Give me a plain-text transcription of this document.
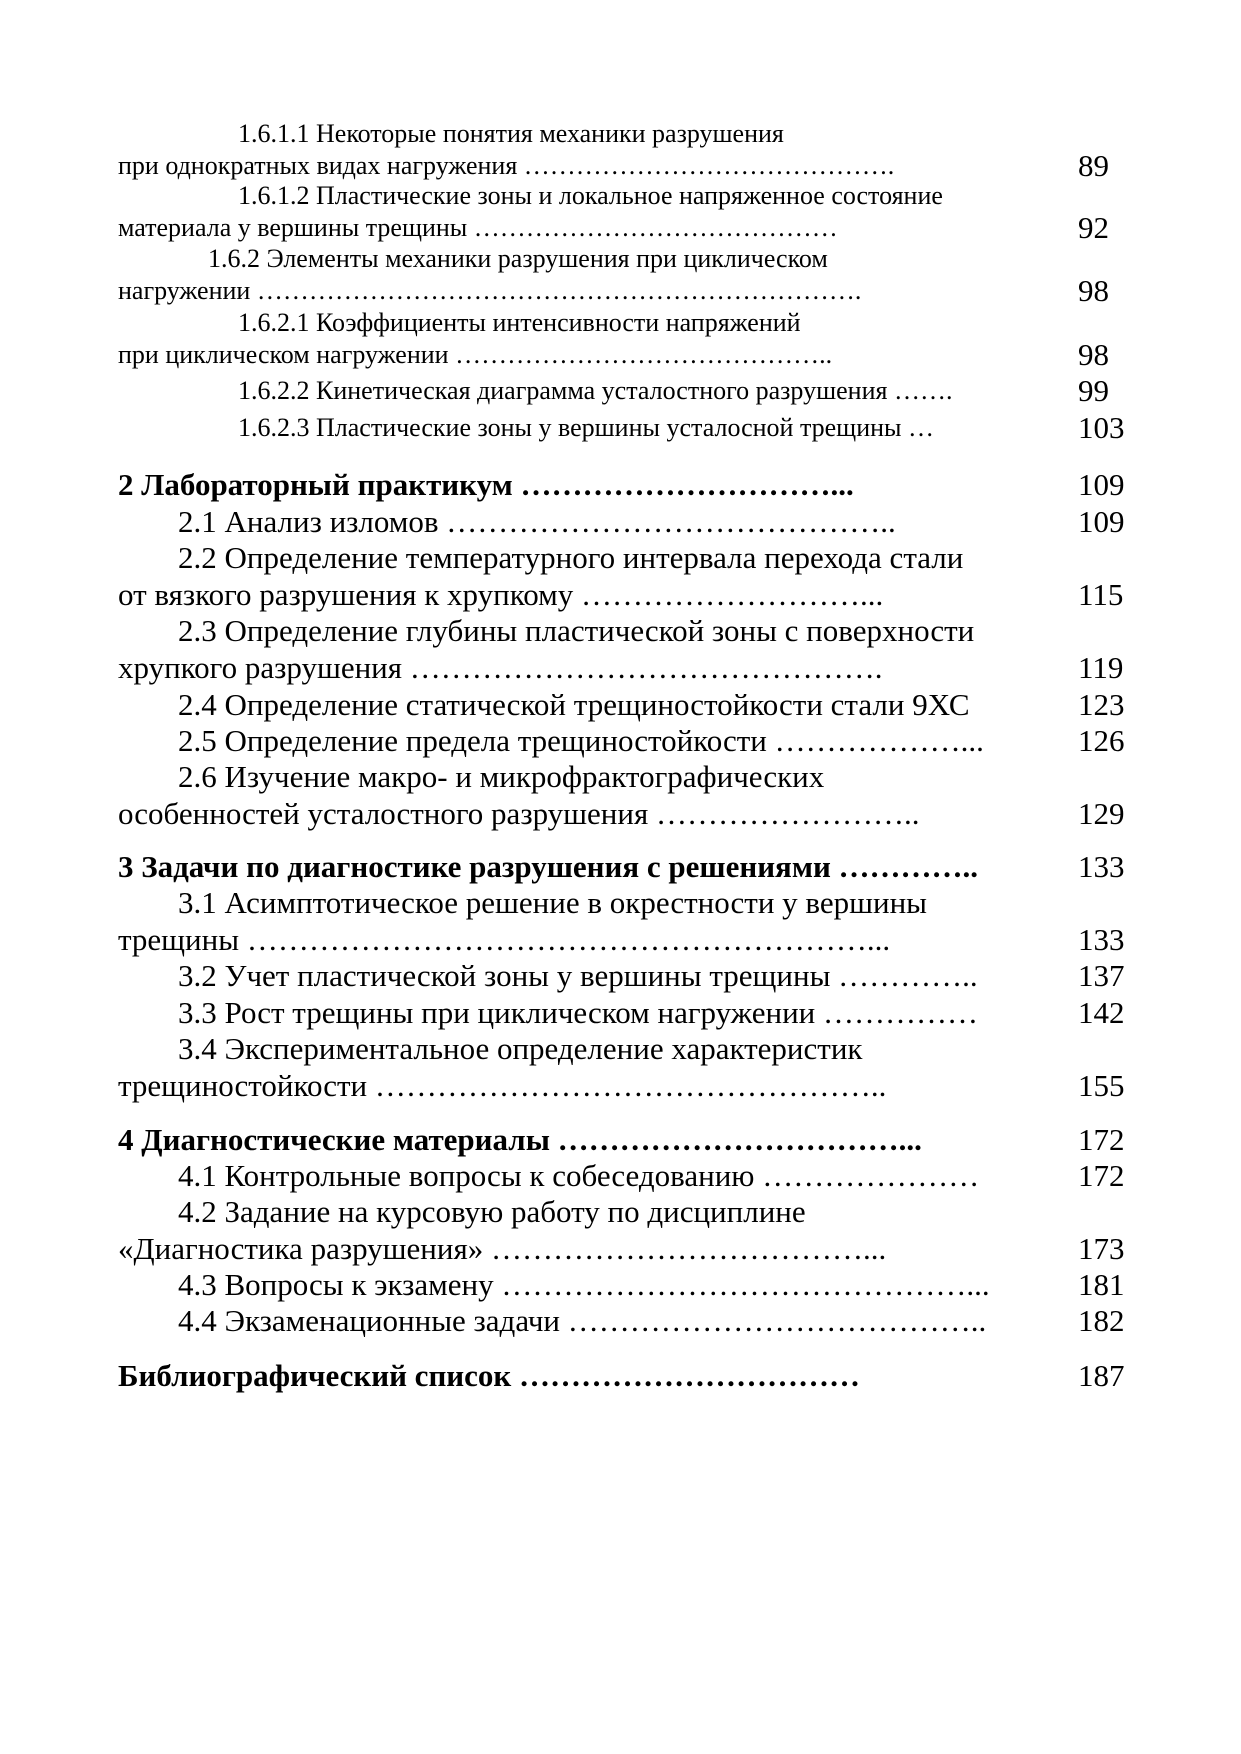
1.6.1.1 Некоторые понятия механики разрушения
при однократных видах нагружения …………………………………….	89
1.6.1.2 Пластические зоны и локальное напряженное состояние
материала у вершины трещины ……………………………………	92
1.6.2 Элементы механики разрушения при циклическом
нагружении …………………………………………………………….	98
1.6.2.1 Коэффициенты интенсивности напряжений
при циклическом нагружении ……………………………………..	98
1.6.2.2 Кинетическая диаграмма усталостного разрушения …….	99
1.6.2.3 Пластические зоны у вершины усталосной трещины …	103
2 Лабораторный практикум …………………………...	109
2.1 Анализ изломов ……………………………………..	109
2.2 Определение температурного интервала перехода стали
от вязкого разрушения к хрупкому ………………………...	115
2.3 Определение глубины пластической зоны с поверхности
хрупкого разрушения ……………………………………….	119
2.4 Определение статической трещиностойкости стали 9ХС	123
2.5 Определение предела трещиностойкости ………………...	126
2.6 Изучение макро- и микрофрактографических
особенностей усталостного разрушения ……………………..	129
3 Задачи по диагностике разрушения с решениями …………..	133
3.1 Асимптотическое решение в окрестности у вершины
трещины ……………………………………………………...	133
3.2 Учет пластической зоны у вершины трещины …………..	137
3.3 Рост трещины при циклическом нагружении ……………	142
3.4 Экспериментальное определение характеристик
трещиностойкости …………………………………………..	155
4 Диагностические материалы ……………………………...	172
4.1 Контрольные вопросы к собеседованию …………………	172
4.2 Задание на курсовую работу по дисциплине
«Диагностика разрушения» ………………………………...	173
4.3 Вопросы к экзамену ………………………………………...	181
4.4 Экзаменационные задачи …………………………………..	182
Библиографический список ……………………………	187
